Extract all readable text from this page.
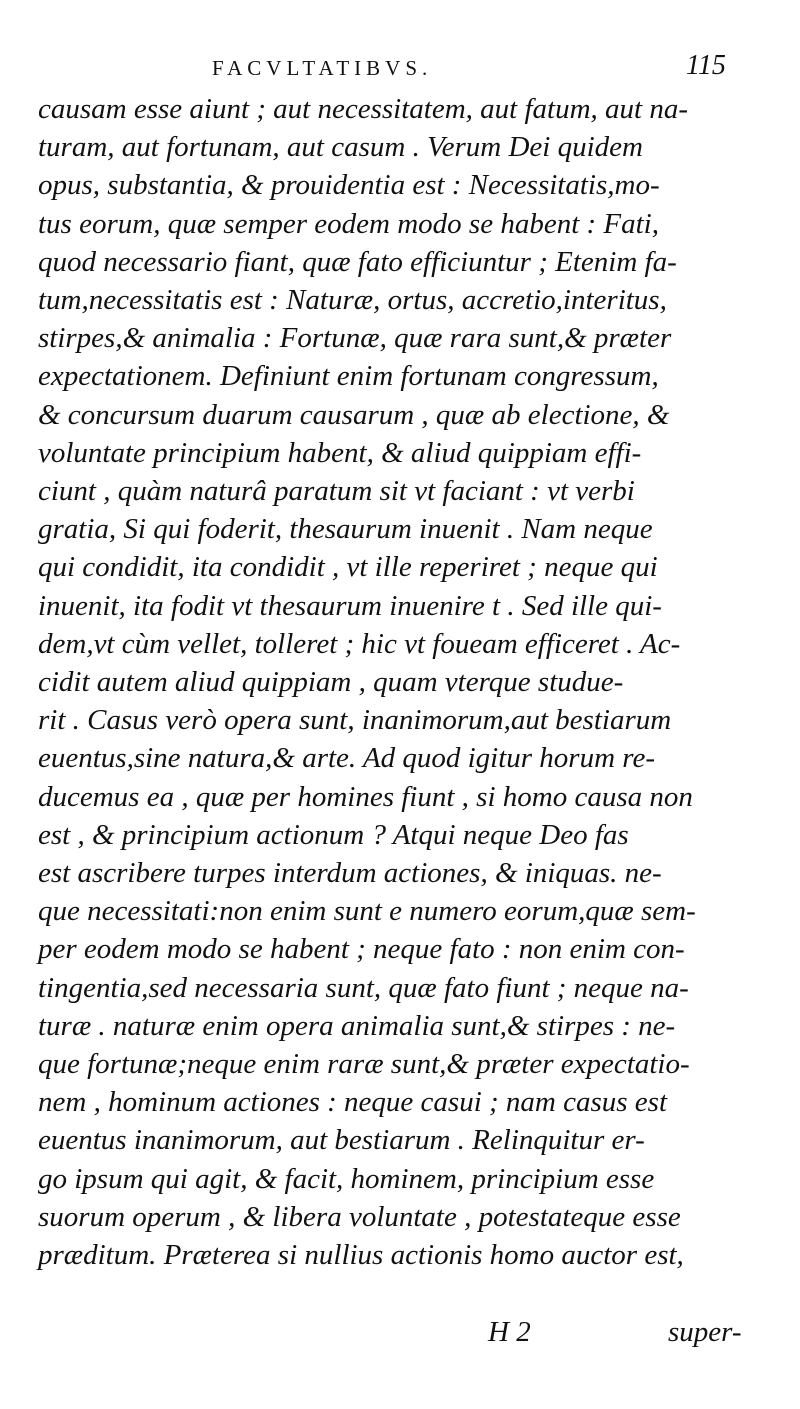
FACVLTATIBVS.	115
causam esse aiunt ; aut necessitatem, aut fatum, aut na-
turam, aut fortunam, aut casum . Verum Dei quidem
opus, substantia, & prouidentia est : Necessitatis,mo-
tus eorum, quæ semper eodem modo se habent : Fati,
quod necessario fiant, quæ fato efficiuntur ; Etenim fa-
tum,necessitatis est : Naturæ, ortus, accretio,interitus,
stirpes,& animalia : Fortunæ, quæ rara sunt,& præter
expectationem. Definiunt enim fortunam congressum,
& concursum duarum causarum , quæ ab electione, &
voluntate principium habent, & aliud quippiam effi-
ciunt , quàm naturâ paratum sit vt faciant : vt verbi
gratia, Si qui foderit, thesaurum inuenit . Nam neque
qui condidit, ita condidit , vt ille reperiret ; neque qui
inuenit, ita fodit vt thesaurum inuenire t . Sed ille qui-
dem,vt cùm vellet, tolleret ; hic vt foueam efficeret . Ac-
cidit autem aliud quippiam , quam vterque studue-
rit . Casus verò opera sunt, inanimorum,aut bestiarum
euentus,sine natura,& arte. Ad quod igitur horum re-
ducemus ea , quæ per homines fiunt , si homo causa non
est , & principium actionum ? Atqui neque Deo fas
est ascribere turpes interdum actiones, & iniquas. ne-
que necessitati:non enim sunt e numero eorum,quæ sem-
per eodem modo se habent ; neque fato : non enim con-
tingentia,sed necessaria sunt, quæ fato fiunt ; neque na-
turæ . naturæ enim opera animalia sunt,& stirpes : ne-
que fortunæ;neque enim raræ sunt,& præter expectatio-
nem , hominum actiones : neque casui ; nam casus est
euentus inanimorum, aut bestiarum . Relinquitur er-
go ipsum qui agit, & facit, hominem, principium esse
suorum operum , & libera voluntate , potestateque esse
præditum. Præterea si nullius actionis homo auctor est,
H 2	super-
